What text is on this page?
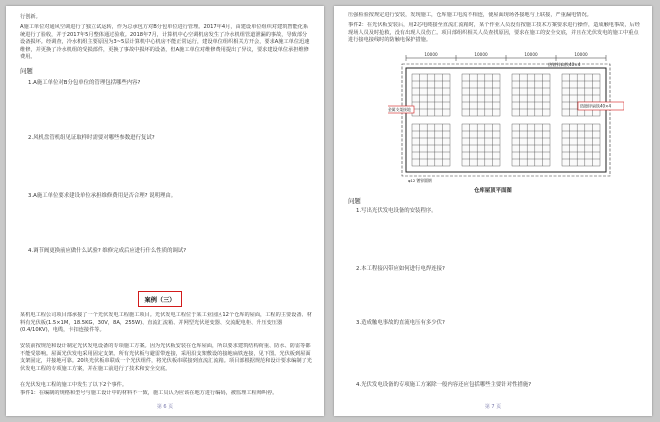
行创新。
A施工单位对通风空调进行了独立试运转，作为总承包方对B分包单位进行管理。2017年4月，由建设单位组织对建筑智能化系统进行了验收，并于2017年5月整体通过验收。2018年7月，计算机中心空调机房发生了冷水机组管道泄漏的事故，导致部分设备损坏。经调查，冷水机组主要原因为3~5层计算机中心机房不能正常运行，建设单位组织相关方开会，要求A施工单位迅速维修，并更换了冷水机组的受损部件，更换了事故中损坏的设备，但A施工单位对维修费用提出了异议，要求建设单位承担维修费用。
问题
1.A施工单位对B分包单位的管理包括哪些内容?
2.风机盘管机组见证取样时需要对哪些参数进行复试?
3.A施工单位要求建设单位承担维修费用是否合理? 说明理由。
4.调节阀更换前应做什么试验? 维修完成后应进行什么性质的调试?
案例（三）
某机电工程公司项目部承接了一个光伏发电工程施工项目。光伏发电工程位于某工业园区12个仓库的屋面，工程的主要设备、材料有光伏板(1.5×1M，18.5KG，30V，8A，255W)、直流汇流箱、并网型光伏逆变器、交流配电柜、升压变压器(0.4/10KV)，电缆，卡扣连接件等。
安装前按规范和设计制定光伏发电设备的专项施工方案。因为光伏板安装在仓库屋面，所以要求建筑结构荷重、防水、防雷等都不能受影响。屋面光伏发电采用固定支架。所有光伏板与避雷带连接，采用沿支架敷设的接地扁铁连接，见下图。光伏板到屋面支架固定，并接地可靠。20块光伏板串联成一个光伏组件，将光伏板串联接到直流汇流箱。项目部根据规范和设计要求编制了光伏发电工程的专项施工方案，并在施工前进行了技术和安全交底。
在光伏发电工程的施工中发生了以下2个事件。
事件1：在编制的规格和型号与施工设计中的材料不一致，施工员认为应该在地方进行编码，被监理工程师叫停。
第 6 页
压强检验按规定进行安装，发现施工，仓库施工电流不相连，使屋面现场各接地与上联接，严重漏电情况。
事件2：在光伏板安装后，用2芯电缆接至直流汇流箱时，某个作业人员没有按施工技术方案要求进行操作，造成触电事故，后经现场人员及时抢救，没有出现人员伤亡。项目部组织相关人员查找原因，要求在施工的安全交底，并且在光伏发电的施工中重点进行接电接线时的防触电保护措施。
10000	10000	10000	10000
热镀锌扁铁40×4
金属支架接地
热镀锌扁铁40×4
φ12 镀锌圆钢
仓库屋顶平面图
问题
1.写出光伏发电设备的安装程序。
2.本工程接闪带应如何进行电焊连接?
3.造成触电事故的直流电压有多少伏?
4.光伏发电设备的专项施工方案除一般内容还应包括哪些主要针对性措施?
第 7 页
